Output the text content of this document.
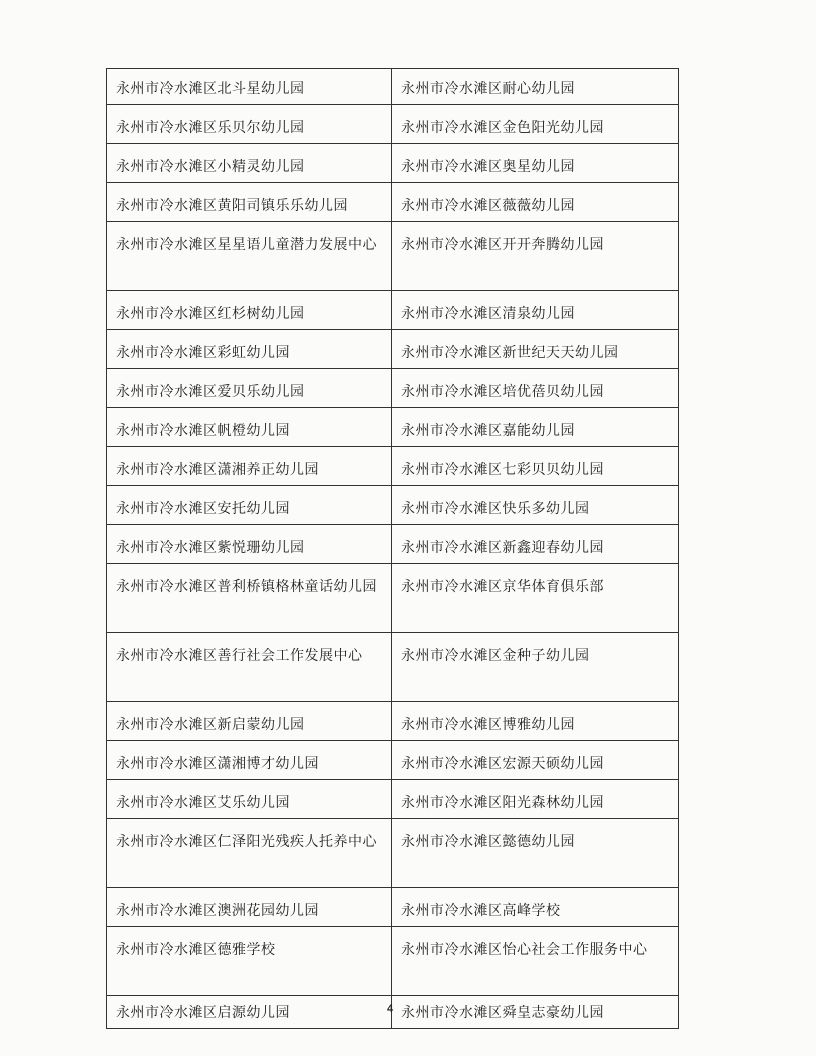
永州市冷水滩区北斗星幼儿园	永州市冷水滩区耐心幼儿园
永州市冷水滩区乐贝尔幼儿园	永州市冷水滩区金色阳光幼儿园
永州市冷水滩区小精灵幼儿园	永州市冷水滩区奥星幼儿园
永州市冷水滩区黄阳司镇乐乐幼儿园	永州市冷水滩区薇薇幼儿园
永州市冷水滩区星星语儿童潜力发展中心	永州市冷水滩区开开奔腾幼儿园
永州市冷水滩区红杉树幼儿园	永州市冷水滩区清泉幼儿园
永州市冷水滩区彩虹幼儿园	永州市冷水滩区新世纪天天幼儿园
永州市冷水滩区爱贝乐幼儿园	永州市冷水滩区培优蓓贝幼儿园
永州市冷水滩区帆橙幼儿园	永州市冷水滩区嘉能幼儿园
永州市冷水滩区潇湘养正幼儿园	永州市冷水滩区七彩贝贝幼儿园
永州市冷水滩区安托幼儿园	永州市冷水滩区快乐多幼儿园
永州市冷水滩区紫悦珊幼儿园	永州市冷水滩区新鑫迎春幼儿园
永州市冷水滩区普利桥镇格林童话幼儿园	永州市冷水滩区京华体育俱乐部
永州市冷水滩区善行社会工作发展中心	永州市冷水滩区金种子幼儿园
永州市冷水滩区新启蒙幼儿园	永州市冷水滩区博雅幼儿园
永州市冷水滩区潇湘博才幼儿园	永州市冷水滩区宏源天硕幼儿园
永州市冷水滩区艾乐幼儿园	永州市冷水滩区阳光森林幼儿园
永州市冷水滩区仁泽阳光残疾人托养中心	永州市冷水滩区懿德幼儿园
永州市冷水滩区澳洲花园幼儿园	永州市冷水滩区高峰学校
永州市冷水滩区德雅学校	永州市冷水滩区怡心社会工作服务中心
永州市冷水滩区启源幼儿园	永州市冷水滩区舜皇志豪幼儿园
4
